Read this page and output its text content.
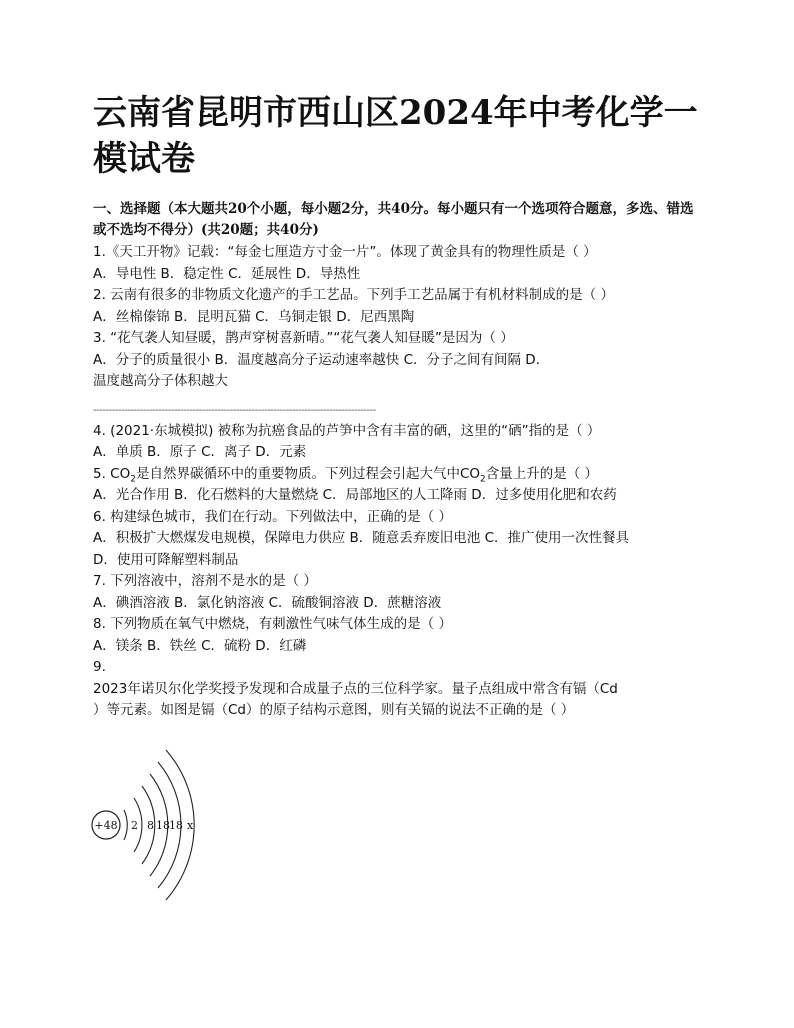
云南省昆明市西山区2024年中考化学一模试卷
一、选择题（本大题共20个小题，每小题2分，共40分。每小题只有一个选项符合题意，多选、错选或不选均不得分）(共20题；共40分)
1.《天工开物》记载：“每金七厘造方寸金一片”。体现了黄金具有的物理性质是（ ）
A．导电性 B．稳定性 C．延展性 D．导热性
2. 云南有很多的非物质文化遗产的手工艺品。下列手工艺品属于有机材料制成的是（ ）
A．丝棉傣锦 B．昆明瓦猫 C．乌铜走银 D．尼西黑陶
3. “花气袭人知昼暖，鹊声穿树喜新晴。”“花气袭人知昼暖”是因为（ ）
A．分子的质量很小 B．温度越高分子运动速率越快 C．分子之间有间隔 D．
温度越高分子体积越大
-------------------------------------------------------------------------------------------
4. (2021·东城模拟) 被称为抗癌食品的芦笋中含有丰富的硒，这里的“硒”指的是（ ）
A．单质 B．原子 C．离子 D．元素
5. $CO_2$是自然界碳循环中的重要物质。下列过程会引起大气中$CO_2$含量上升的是（ ）
A．光合作用 B．化石燃料的大量燃烧 C．局部地区的人工降雨 D．过多使用化肥和农药
6. 构建绿色城市，我们在行动。下列做法中，正确的是（ ）
A．积极扩大燃煤发电规模，保障电力供应 B．随意丢弃废旧电池 C．推广使用一次性餐具
D．使用可降解塑料制品
7. 下列溶液中，溶剂不是水的是（ ）
A．碘酒溶液 B．氯化钠溶液 C．硫酸铜溶液 D．蔗糖溶液
8. 下列物质在氧气中燃烧，有刺激性气味气体生成的是（ ）
A．镁条 B．铁丝 C．硫粉 D．红磷
9.
2023年诺贝尔化学奖授予发现和合成量子点的三位科学家。量子点组成中常含有镉（Cd
）等元素。如图是镉（Cd）的原子结构示意图，则有关镉的说法不正确的是（ ）
+48 2 8 18 18 x
